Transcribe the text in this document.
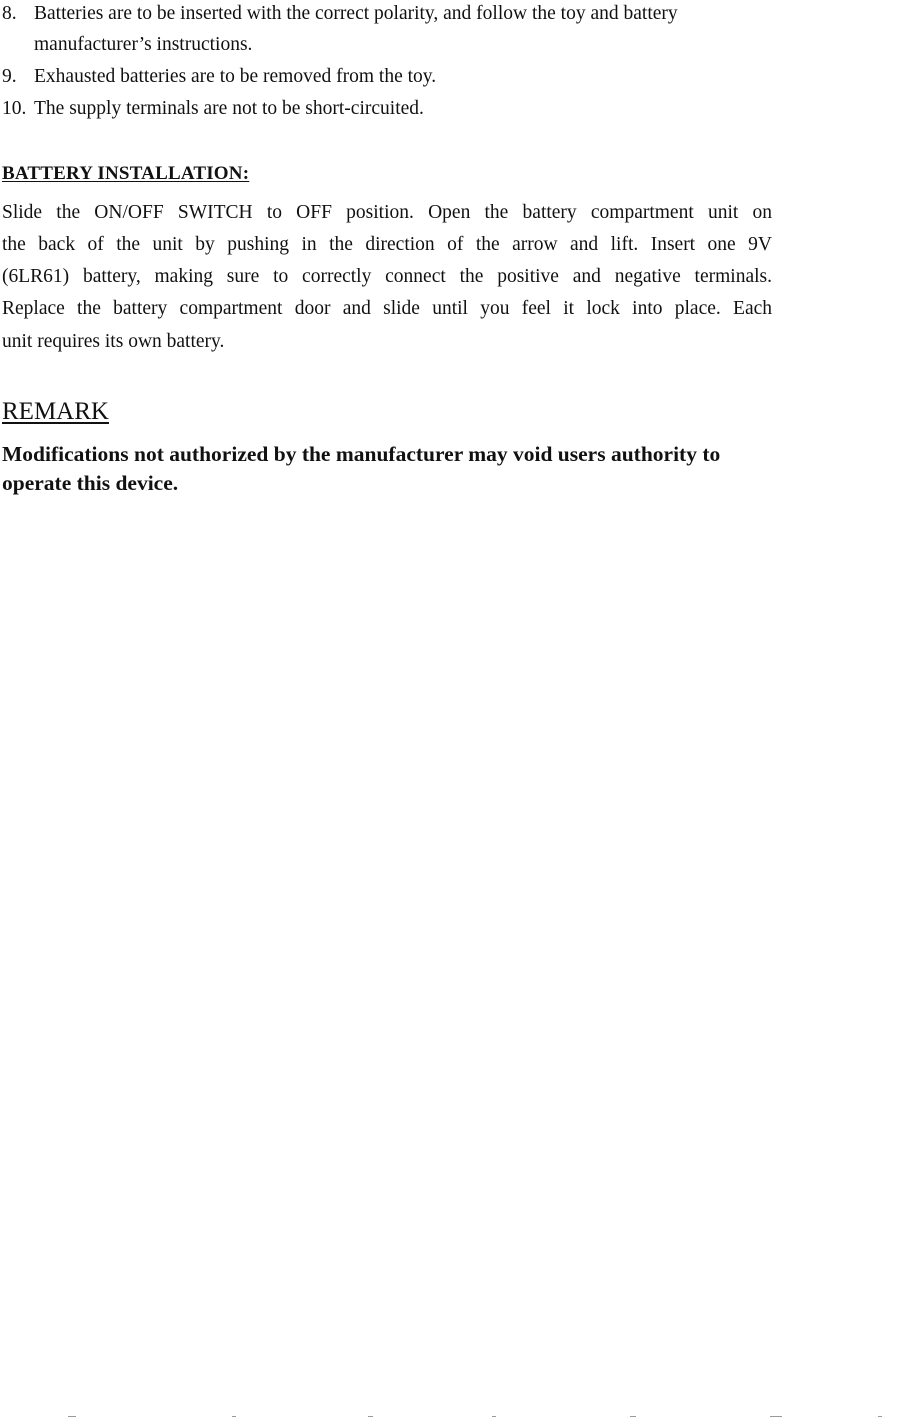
8. Batteries are to be inserted with the correct polarity, and follow the toy and battery
manufacturer’s instructions.
9. Exhausted batteries are to be removed from the toy.
10. The supply terminals are not to be short-circuited.
BATTERY INSTALLATION:
Slide the ON/OFF SWITCH to OFF position. Open the battery compartment unit on
the back of the unit by pushing in the direction of the arrow and lift. Insert one 9V
(6LR61) battery, making sure to correctly connect the positive and negative terminals.
Replace the battery compartment door and slide until you feel it lock into place. Each
unit requires its own battery.
REMARK
Modifications not authorized by the manufacturer may void users authority to
operate this device.
